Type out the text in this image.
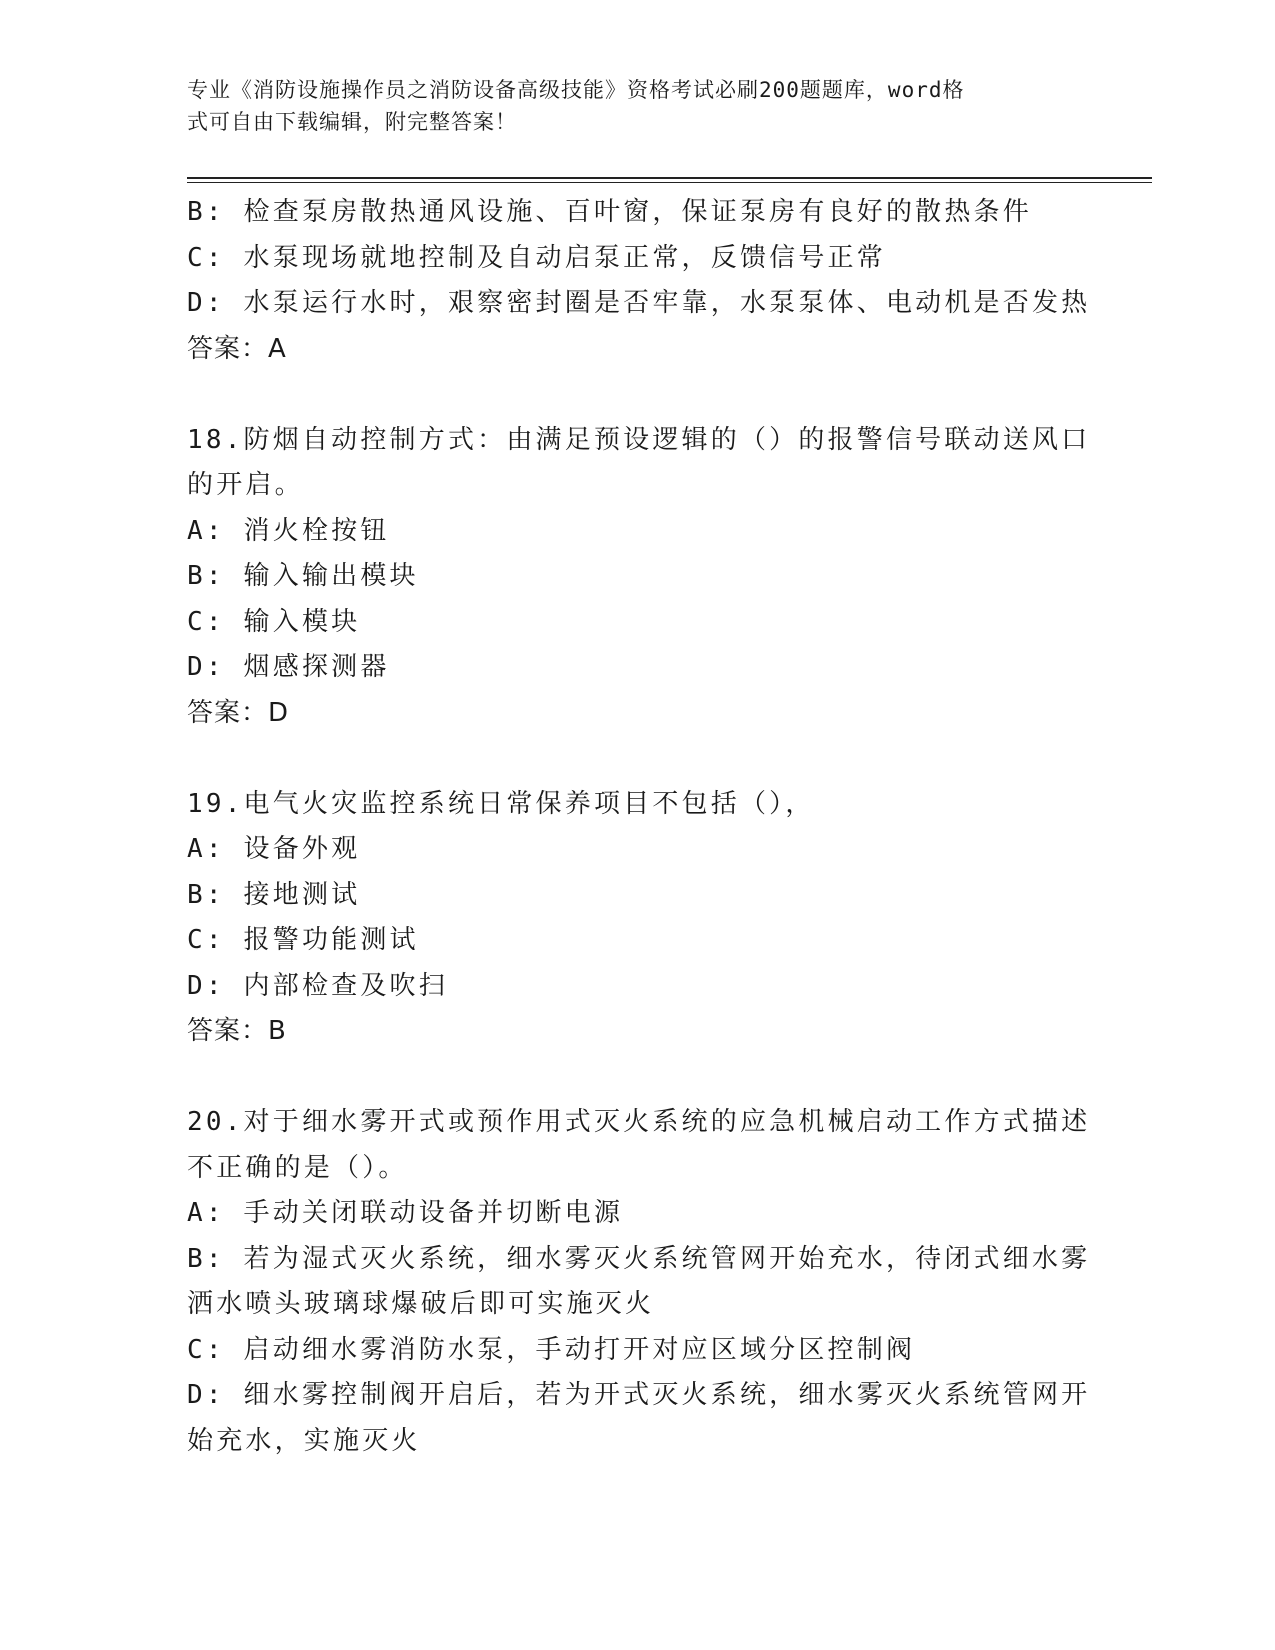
专业《消防设施操作员之消防设备高级技能》资格考试必刷200题题库，word格
式可自由下载编辑，附完整答案！
B: 检查泵房散热通风设施、百叶窗，保证泵房有良好的散热条件
C: 水泵现场就地控制及自动启泵正常，反馈信号正常
D: 水泵运行水时，艰察密封圈是否牢靠，水泵泵体、电动机是否发热
答案：A
18.防烟自动控制方式：由满足预设逻辑的（）的报警信号联动送风口
的开启。
A: 消火栓按钮
B: 输入输出模块
C: 输入模块
D: 烟感探测器
答案：D
19.电气火灾监控系统日常保养项目不包括（），
A: 设备外观
B: 接地测试
C: 报警功能测试
D: 内部检查及吹扫
答案：B
20.对于细水雾开式或预作用式灭火系统的应急机械启动工作方式描述
不正确的是（）。
A: 手动关闭联动设备并切断电源
B: 若为湿式灭火系统，细水雾灭火系统管网开始充水，待闭式细水雾
洒水喷头玻璃球爆破后即可实施灭火
C: 启动细水雾消防水泵，手动打开对应区域分区控制阀
D: 细水雾控制阀开启后，若为开式灭火系统，细水雾灭火系统管网开
始充水，实施灭火
